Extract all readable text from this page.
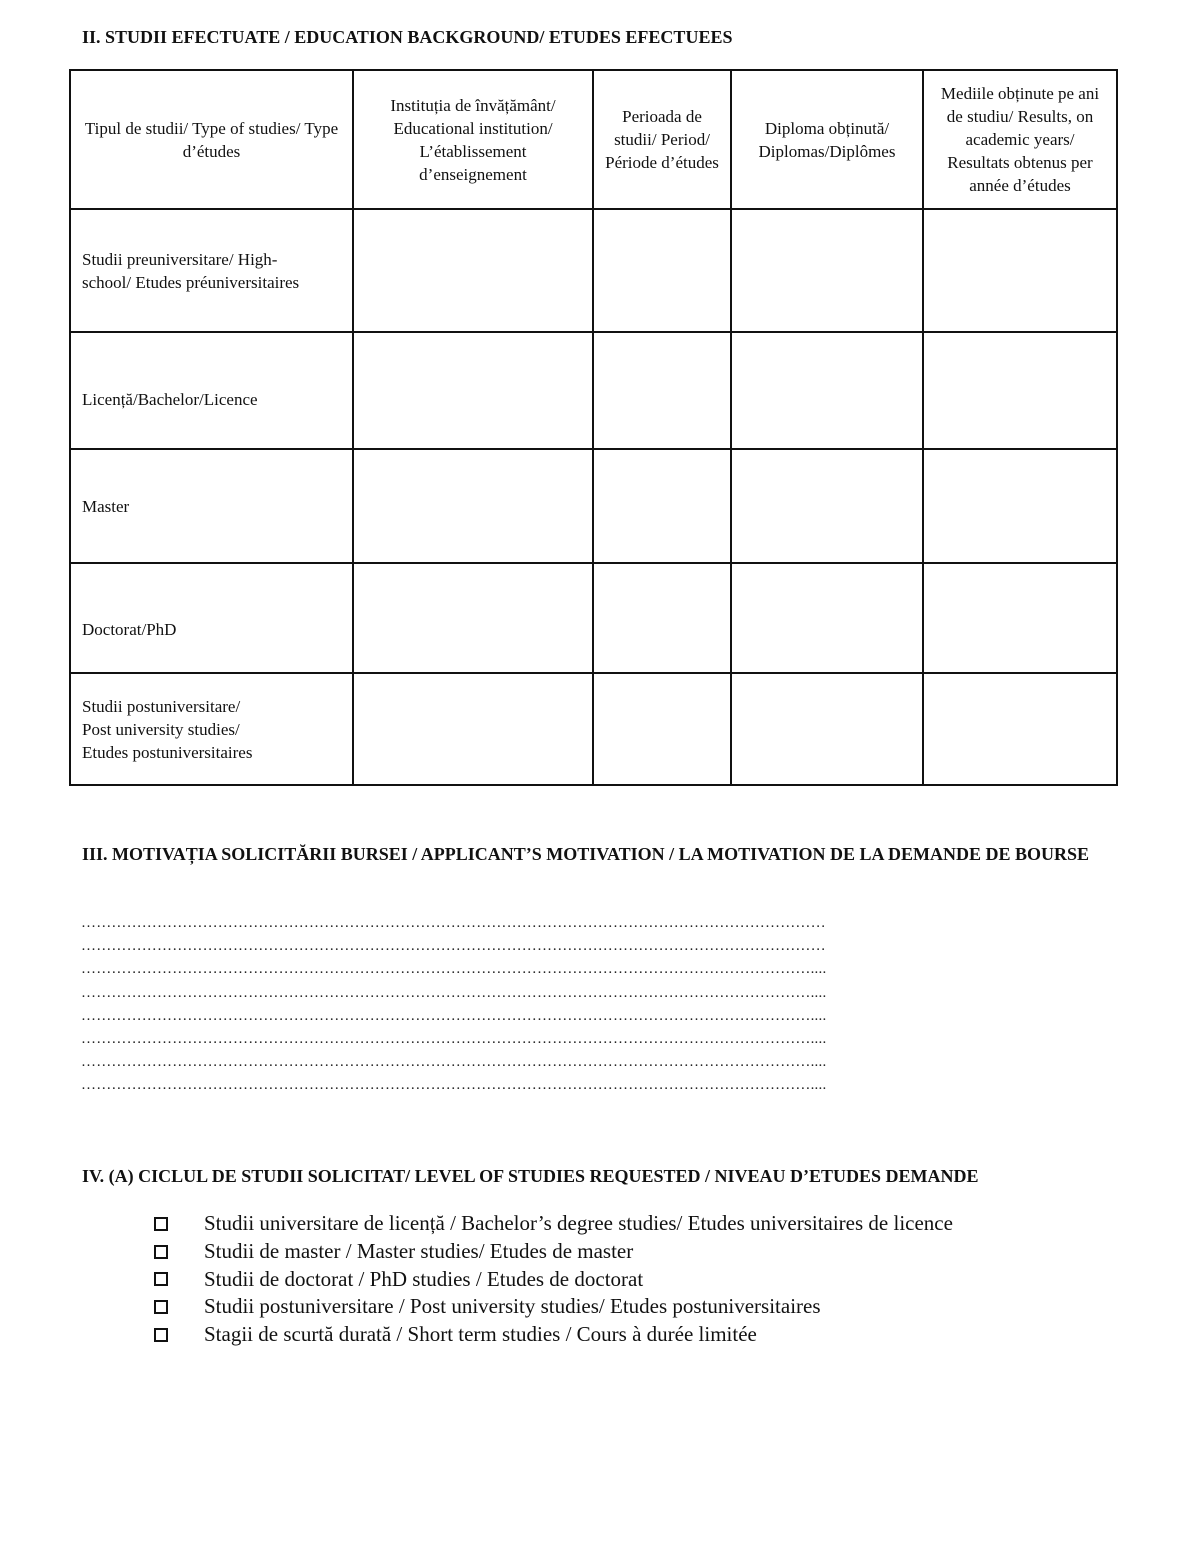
II. STUDII EFECTUATE / EDUCATION BACKGROUND/ ETUDES EFECTUEES
Tipul de studii/ Type of studies/ Type d’études	Instituția de învățământ/ Educational institution/ L’établissement d’enseignement	Perioada de studii/ Period/ Période d’études	Diploma obținută/ Diplomas/Diplômes	Mediile obținute pe ani de studiu/ Results, on academic years/ Resultats obtenus per année d’études

Studii preuniversitare/ High-
school/ Etudes préuniversitaires				

Licență/Bachelor/Licence				

Master				

Doctorat/PhD				

Studii postuniversitare/
Post university studies/
Etudes postuniversitaires				

III. MOTIVAȚIA SOLICITĂRII BURSEI / APPLICANT’S MOTIVATION / LA MOTIVATION DE LA DEMANDE DE BOURSE
…………………………………………………………………………………………………………………………………
…………………………………………………………………………………………………………………………………
………………………………………………………………………………………………………………………………....
………………………………………………………………………………………………………………………………....
………………………………………………………………………………………………………………………………....
………………………………………………………………………………………………………………………………....
………………………………………………………………………………………………………………………………....
………………………………………………………………………………………………………………………………....
IV. (A) CICLUL DE STUDII SOLICITAT/ LEVEL OF STUDIES REQUESTED / NIVEAU D’ETUDES DEMANDE
Studii universitare de licență / Bachelor’s degree studies/ Etudes universitaires de licence
Studii de master / Master studies/ Etudes de master
Studii de doctorat / PhD studies / Etudes de doctorat
Studii postuniversitare / Post university studies/ Etudes postuniversitaires
Stagii de scurtă durată / Short term studies / Cours à durée limitée
